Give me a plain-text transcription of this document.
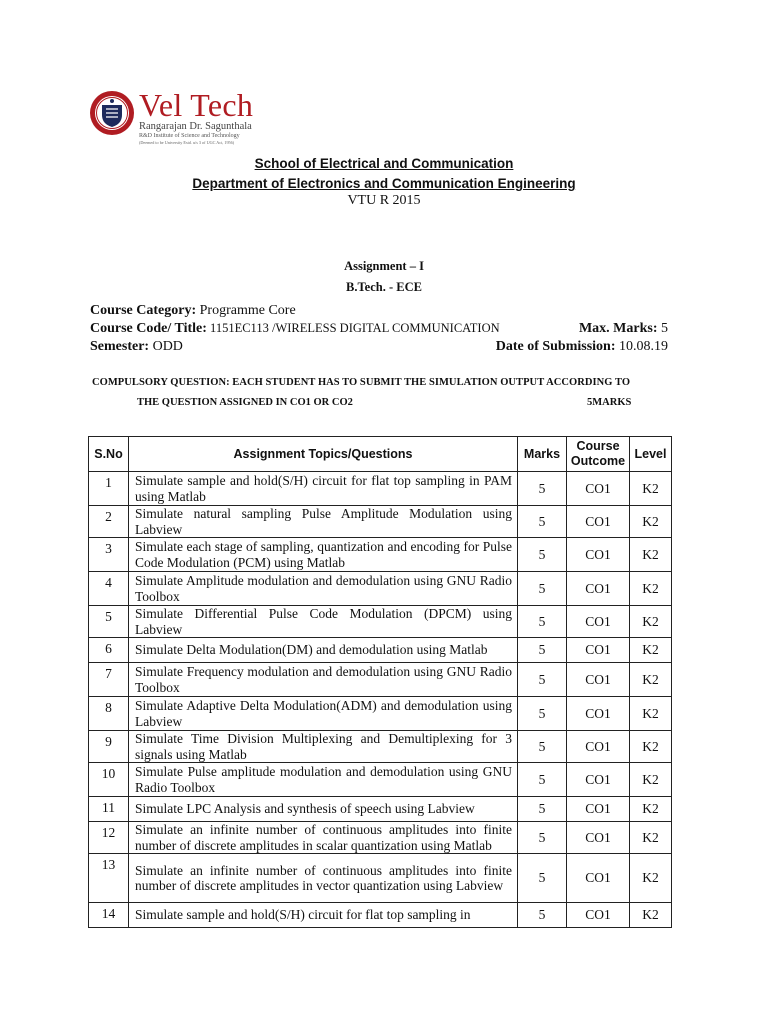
Vel Tech
Rangarajan Dr. Sagunthala
R&D Institute of Science and Technology
(Deemed to be University Estd. u/s 3 of UGC Act, 1956)
School of Electrical and Communication
Department of Electronics and Communication Engineering
VTU R 2015
Assignment – I
B.Tech. - ECE
Course Category: Programme Core
Course Code/ Title: 1151EC113 /WIRELESS DIGITAL COMMUNICATION	Max. Marks: 5
Semester: ODD	Date of Submission: 10.08.19
COMPULSORY QUESTION: EACH STUDENT HAS TO SUBMIT THE SIMULATION OUTPUT ACCORDING TO
THE QUESTION ASSIGNED IN CO1 OR CO2	5MARKS
S.No	Assignment Topics/Questions	Marks	Course Outcome	Level
1	Simulate sample and hold(S/H) circuit for flat top sampling in PAM using Matlab	5	CO1	K2
2	Simulate natural sampling Pulse Amplitude Modulation using Labview	5	CO1	K2
3	Simulate each stage of sampling, quantization and encoding for Pulse Code Modulation (PCM) using Matlab	5	CO1	K2
4	Simulate Amplitude modulation and demodulation using GNU Radio Toolbox	5	CO1	K2
5	Simulate Differential Pulse Code Modulation (DPCM) using Labview	5	CO1	K2
6	Simulate Delta Modulation(DM) and demodulation using Matlab	5	CO1	K2
7	Simulate Frequency modulation and demodulation using GNU Radio Toolbox	5	CO1	K2
8	Simulate Adaptive Delta Modulation(ADM) and demodulation using Labview	5	CO1	K2
9	Simulate Time Division Multiplexing and Demultiplexing for 3 signals using Matlab	5	CO1	K2
10	Simulate Pulse amplitude modulation and demodulation using GNU Radio Toolbox	5	CO1	K2
11	Simulate LPC Analysis and synthesis of speech using Labview	5	CO1	K2
12	Simulate an infinite number of continuous amplitudes into finite number of discrete amplitudes in scalar quantization using Matlab	5	CO1	K2
13	Simulate an infinite number of continuous amplitudes into finite number of discrete amplitudes in vector quantization using Labview	5	CO1	K2
14	Simulate sample and hold(S/H) circuit for flat top sampling in	5	CO1	K2
